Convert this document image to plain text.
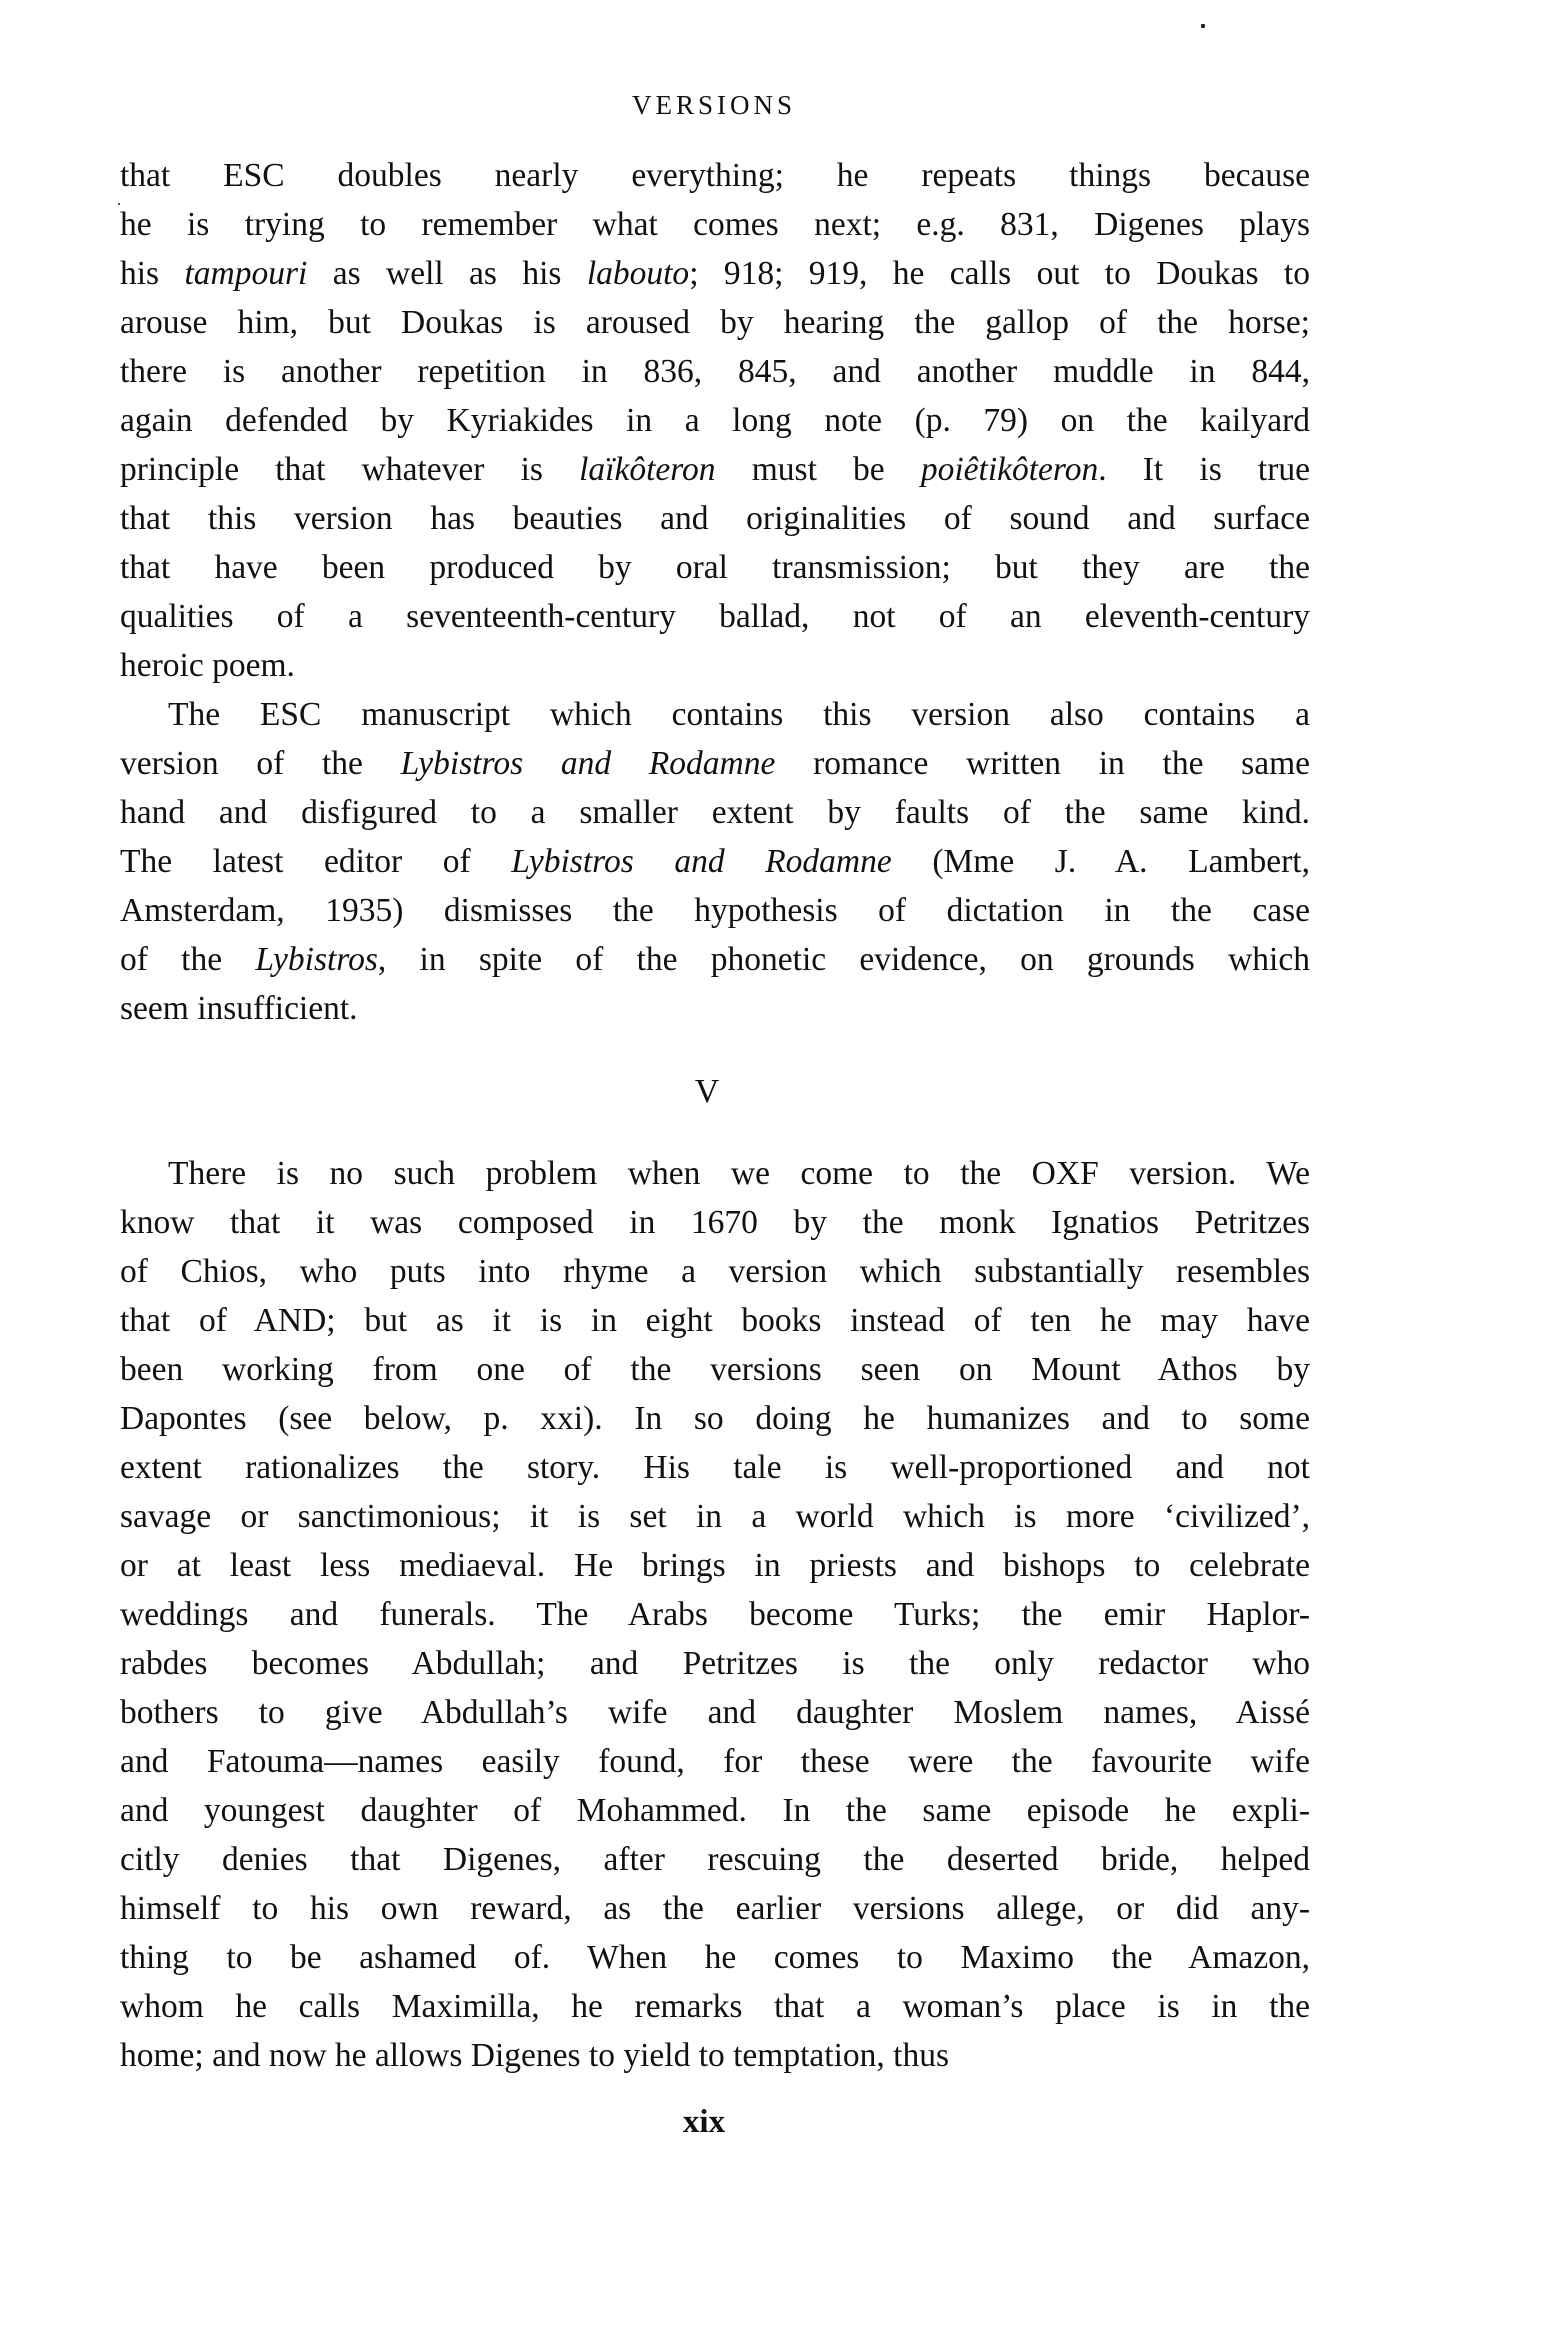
VERSIONS
that ESC doubles nearly everything; he repeats things because
he is trying to remember what comes next; e.g. 831, Digenes plays
his tampouri as well as his labouto; 918; 919, he calls out to Doukas to
arouse him, but Doukas is aroused by hearing the gallop of the horse;
there is another repetition in 836, 845, and another muddle in 844,
again defended by Kyriakides in a long note (p. 79) on the kailyard
principle that whatever is laïkôteron must be poiêtikôteron. It is true
that this version has beauties and originalities of sound and surface
that have been produced by oral transmission; but they are the
qualities of a seventeenth-century ballad, not of an eleventh-century
heroic poem.
The ESC manuscript which contains this version also contains a
version of the Lybistros and Rodamne romance written in the same
hand and disfigured to a smaller extent by faults of the same kind.
The latest editor of Lybistros and Rodamne (Mme J. A. Lambert,
Amsterdam, 1935) dismisses the hypothesis of dictation in the case
of the Lybistros, in spite of the phonetic evidence, on grounds which
seem insufficient.
V
There is no such problem when we come to the OXF version. We
know that it was composed in 1670 by the monk Ignatios Petritzes
of Chios, who puts into rhyme a version which substantially resembles
that of AND; but as it is in eight books instead of ten he may have
been working from one of the versions seen on Mount Athos by
Dapontes (see below, p. xxi). In so doing he humanizes and to some
extent rationalizes the story. His tale is well-proportioned and not
savage or sanctimonious; it is set in a world which is more ‘civilized’,
or at least less mediaeval. He brings in priests and bishops to celebrate
weddings and funerals. The Arabs become Turks; the emir Haplor-
rabdes becomes Abdullah; and Petritzes is the only redactor who
bothers to give Abdullah’s wife and daughter Moslem names, Aissé
and Fatouma—names easily found, for these were the favourite wife
and youngest daughter of Mohammed. In the same episode he expli-
citly denies that Digenes, after rescuing the deserted bride, helped
himself to his own reward, as the earlier versions allege, or did any-
thing to be ashamed of. When he comes to Maximo the Amazon,
whom he calls Maximilla, he remarks that a woman’s place is in the
home; and now he allows Digenes to yield to temptation, thus
xix
